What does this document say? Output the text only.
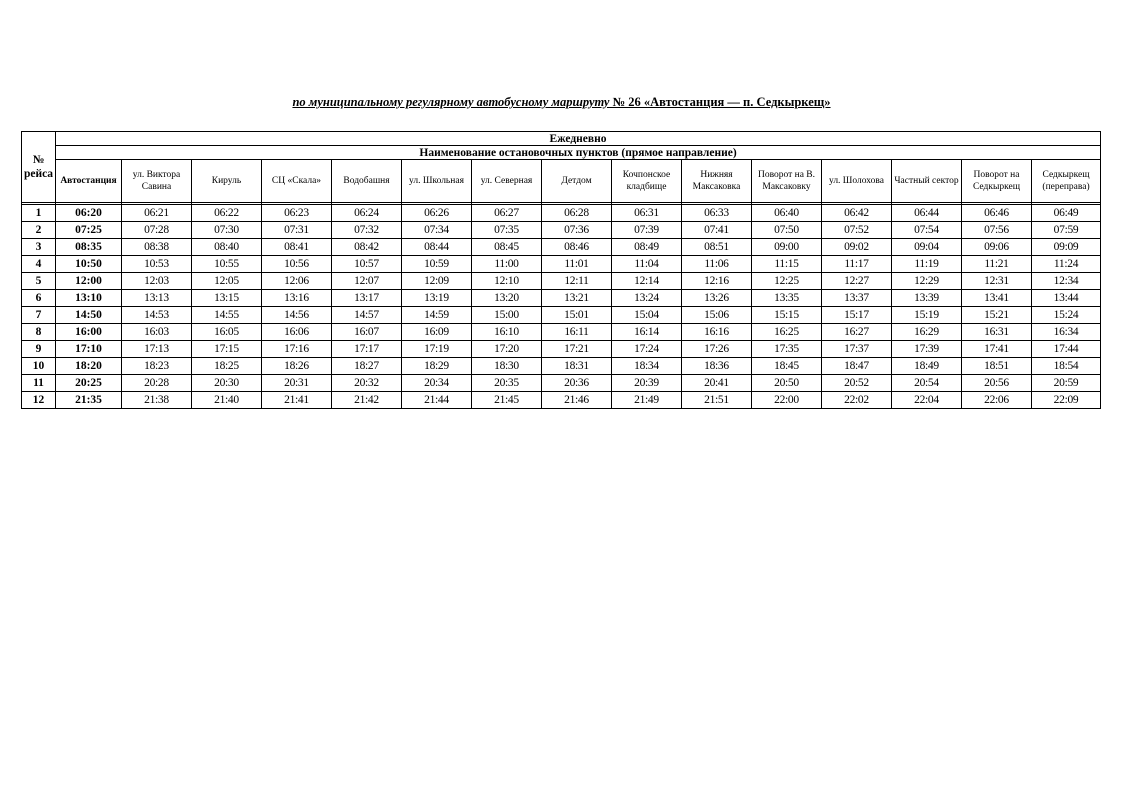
по муниципальному регулярному автобусному маршруту № 26 «Автостанция — п. Седкыркещ»
№ рейса	Ежедневно														
	Наименование остановочных пунктов (прямое направление)														
	Автостанция	ул. Виктора Савина	Кируль	СЦ «Скала»	Водобашня	ул. Школьная	ул. Северная	Детдом	Кочпонское кладбище	Нижняя Максаковка	Поворот на В. Максаковку	ул. Шолохова	Частный сектор	Поворот на Седкыркещ	Седкыркещ (переправа)

1	06:20	06:21	06:22	06:23	06:24	06:26	06:27	06:28	06:31	06:33	06:40	06:42	06:44	06:46	06:49
2	07:25	07:28	07:30	07:31	07:32	07:34	07:35	07:36	07:39	07:41	07:50	07:52	07:54	07:56	07:59
3	08:35	08:38	08:40	08:41	08:42	08:44	08:45	08:46	08:49	08:51	09:00	09:02	09:04	09:06	09:09
4	10:50	10:53	10:55	10:56	10:57	10:59	11:00	11:01	11:04	11:06	11:15	11:17	11:19	11:21	11:24
5	12:00	12:03	12:05	12:06	12:07	12:09	12:10	12:11	12:14	12:16	12:25	12:27	12:29	12:31	12:34
6	13:10	13:13	13:15	13:16	13:17	13:19	13:20	13:21	13:24	13:26	13:35	13:37	13:39	13:41	13:44
7	14:50	14:53	14:55	14:56	14:57	14:59	15:00	15:01	15:04	15:06	15:15	15:17	15:19	15:21	15:24
8	16:00	16:03	16:05	16:06	16:07	16:09	16:10	16:11	16:14	16:16	16:25	16:27	16:29	16:31	16:34
9	17:10	17:13	17:15	17:16	17:17	17:19	17:20	17:21	17:24	17:26	17:35	17:37	17:39	17:41	17:44
10	18:20	18:23	18:25	18:26	18:27	18:29	18:30	18:31	18:34	18:36	18:45	18:47	18:49	18:51	18:54
11	20:25	20:28	20:30	20:31	20:32	20:34	20:35	20:36	20:39	20:41	20:50	20:52	20:54	20:56	20:59
12	21:35	21:38	21:40	21:41	21:42	21:44	21:45	21:46	21:49	21:51	22:00	22:02	22:04	22:06	22:09
